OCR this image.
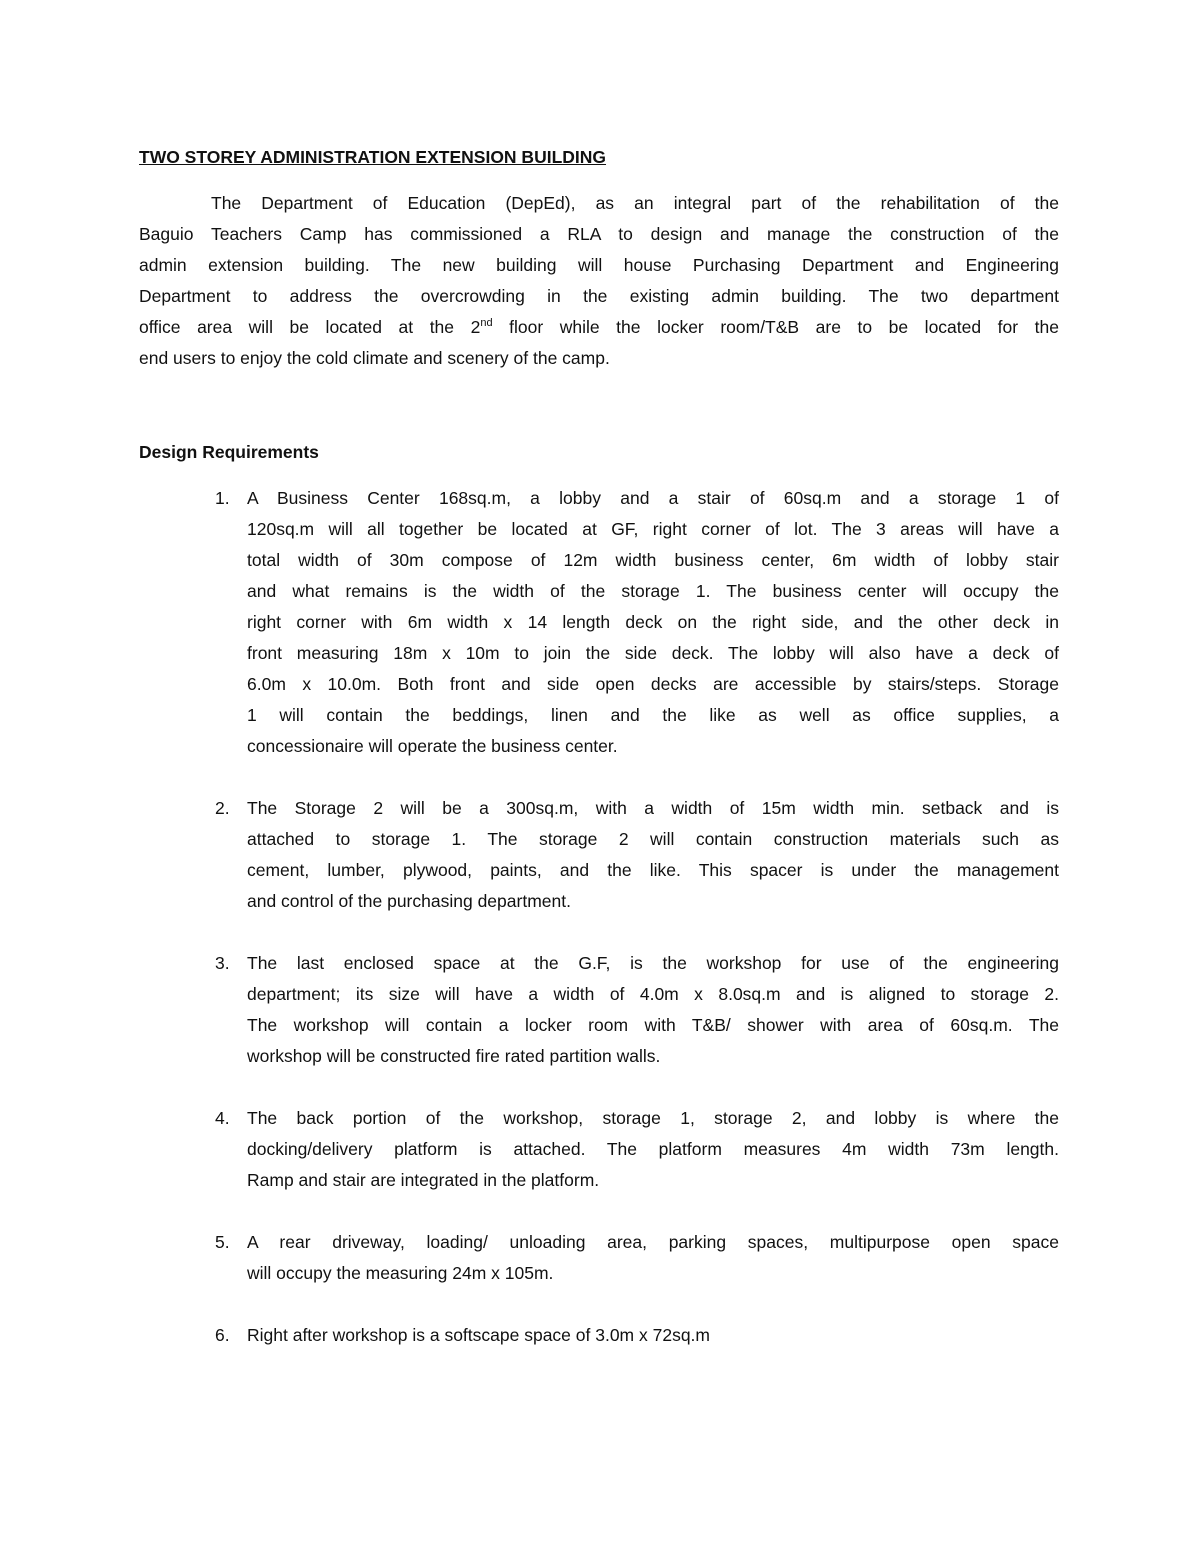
TWO STOREY ADMINISTRATION EXTENSION BUILDING
The Department of Education (DepEd), as an integral part of the rehabilitation of the
Baguio Teachers Camp has commissioned a RLA to design and manage the construction of the
admin extension building. The new building will house Purchasing Department and Engineering
Department to address the overcrowding in the existing admin building. The two department
office area will be located at the 2nd floor while the locker room/T&B are to be located for the
end users to enjoy the cold climate and scenery of the camp.
Design Requirements
1. A Business Center 168sq.m, a lobby and a stair of 60sq.m and a storage 1 of
120sq.m will all together be located at GF, right corner of lot. The 3 areas will have a
total width of 30m compose of 12m width business center, 6m width of lobby stair
and what remains is the width of the storage 1. The business center will occupy the
right corner with 6m width x 14 length deck on the right side, and the other deck in
front measuring 18m x 10m to join the side deck. The lobby will also have a deck of
6.0m x 10.0m. Both front and side open decks are accessible by stairs/steps. Storage
1 will contain the beddings, linen and the like as well as office supplies, a
concessionaire will operate the business center.
2. The Storage 2 will be a 300sq.m, with a width of 15m width min. setback and is
attached to storage 1. The storage 2 will contain construction materials such as
cement, lumber, plywood, paints, and the like. This spacer is under the management
and control of the purchasing department.
3. The last enclosed space at the G.F, is the workshop for use of the engineering
department; its size will have a width of 4.0m x 8.0sq.m and is aligned to storage 2.
The workshop will contain a locker room with T&B/ shower with area of 60sq.m. The
workshop will be constructed fire rated partition walls.
4. The back portion of the workshop, storage 1, storage 2, and lobby is where the
docking/delivery platform is attached. The platform measures 4m width 73m length.
Ramp and stair are integrated in the platform.
5. A rear driveway, loading/ unloading area, parking spaces, multipurpose open space
will occupy the measuring 24m x 105m.
6. Right after workshop is a softscape space of 3.0m x 72sq.m
